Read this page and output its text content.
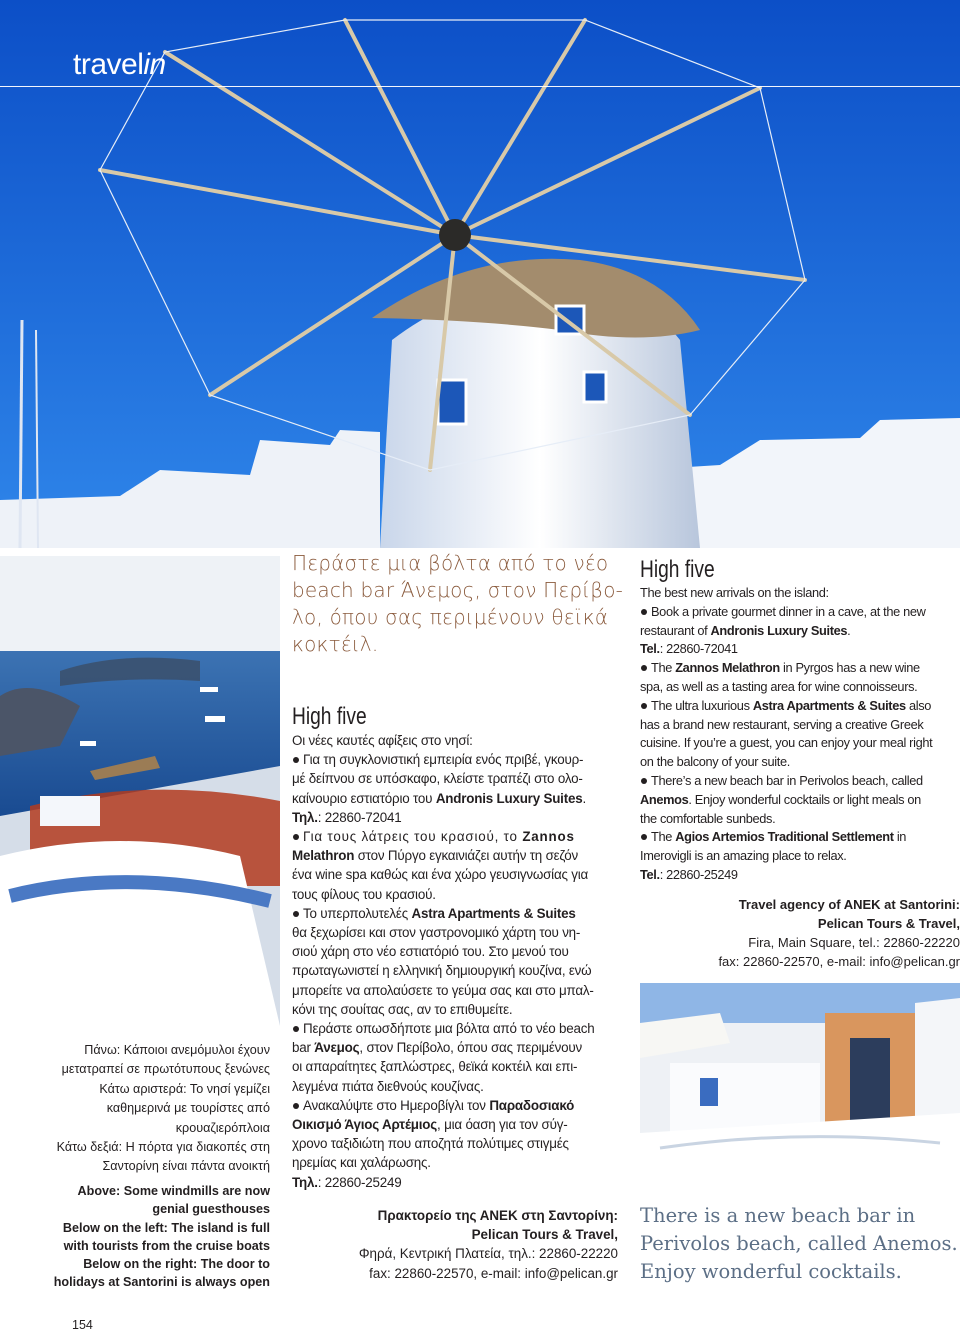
travelin
Πάνω: Κάποιοι ανεμόμυλοι έχουν
μετατραπεί σε πρωτότυπους ξενώνες
Κάτω αριστερά: Το νησί γεμίζει
καθημερινά με τουρίστες από
κρουαζιερόπλοια
Κάτω δεξιά: Η πόρτα για διακοπές στη
Σαντορίνη είναι πάντα ανοικτή
Above: Some windmills are now
genial guesthouses
Below on the left: The island is full
with tourists from the cruise boats
Below on the right: The door to
holidays at Santorini is always open
Περάστε μια βόλτα από το νέο
beach bar Άνεμος, στον Περίβο-
λο, όπου σας περιμένουν θεϊκά
κοκτέιλ.
High five
Οι νέες καυτές αφίξεις στο νησί:
Για τη συγκλονιστική εμπειρία ενός πριβέ, γκουρ-
μέ δείπνου σε υπόσκαφο, κλείστε τραπέζι στο ολο-
καίνουριο εστιατόριο του Andronis Luxury Suites.
Τηλ.: 22860-72041
Για τους λάτρεις του κρασιού, το Zannos
Melathron στον Πύργο εγκαινιάζει αυτήν τη σεζόν
ένα wine spa καθώς και ένα χώρο γευσιγνωσίας για
τους φίλους του κρασιού.
Το υπερπολυτελές Astra Apartments & Suites
θα ξεχωρίσει και στον γαστρονομικό χάρτη του νη-
σιού χάρη στο νέο εστιατόριό του. Στο μενού του
πρωταγωνιστεί η ελληνική δημιουργική κουζίνα, ενώ
μπορείτε να απολαύσετε το γεύμα σας και στο μπαλ-
κόνι της σουίτας σας, αν το επιθυμείτε.
Περάστε οπωσδήποτε μια βόλτα από το νέο beach
bar Άνεμος, στον Περίβολο, όπου σας περιμένουν
οι απαραίτητες ξαπλώστρες, θεϊκά κοκτέιλ και επι-
λεγμένα πιάτα διεθνούς κουζίνας.
Ανακαλύψτε στο Ημεροβίγλι τον Παραδοσιακό
Οικισμό Άγιος Αρτέμιος, μια όαση για τον σύγ-
χρονο ταξιδιώτη που αποζητά πολύτιμες στιγμές
ηρεμίας και χαλάρωσης.
Τηλ.: 22860-25249
Πρακτορείο της ΑΝΕΚ στη Σαντορίνη:
Pelican Tours & Travel,
Φηρά, Κεντρική Πλατεία, τηλ.: 22860-22220
fax: 22860-22570, e-mail: info@pelican.gr
High five
The best new arrivals on the island:
Book a private gourmet dinner in a cave, at the new
restaurant of Andronis Luxury Suites.
Tel.: 22860-72041
The Zannos Melathron in Pyrgos has a new wine
spa, as well as a tasting area for wine connoisseurs.
The ultra luxurious Astra Apartments & Suites also
has a brand new restaurant, serving a creative Greek
cuisine. If you’re a guest, you can enjoy your meal right
on the balcony of your suite.
There’s a new beach bar in Perivolos beach, called
Anemos. Enjoy wonderful cocktails or light meals on
the comfortable sunbeds.
The Agios Artemios Traditional Settlement in
Imerovigli is an amazing place to relax.
Tel.: 22860-25249
Travel agency of ANEK at Santorini:
Pelican Tours & Travel,
Fira, Main Square, tel.: 22860-22220
fax: 22860-22570, e-mail: info@pelican.gr
There is a new beach bar in
Perivolos beach, called Anemos.
Enjoy wonderful cocktails.
154
